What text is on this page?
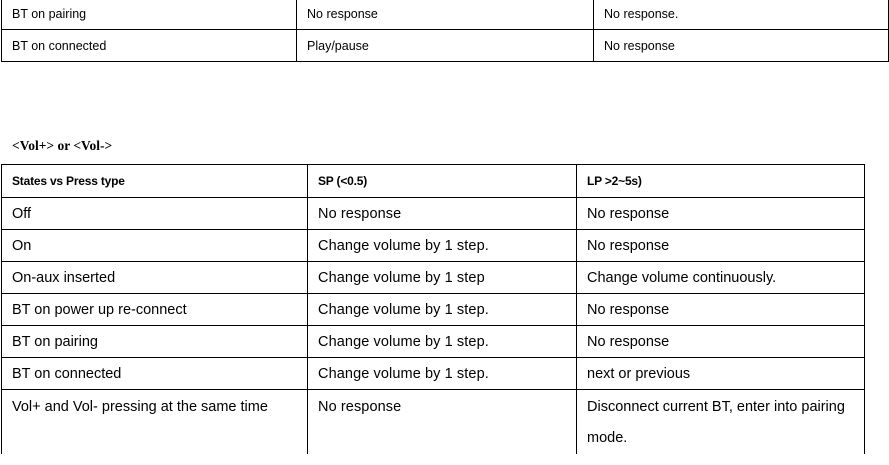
BT on pairing	No response	No response.
BT on connected	Play/pause	No response
<Vol+> or <Vol->
States vs Press type	SP (<0.5)	LP >2~5s)
Off	No response	No response
On	Change volume by 1 step.	No response
On-aux inserted	Change volume by 1 step	Change volume continuously.
BT on power up re-connect	Change volume by 1 step.	No response
BT on pairing	Change volume by 1 step.	No response
BT on connected	Change volume by 1 step.	next or previous
Vol+ and Vol- pressing at the same time	No response	Disconnect current BT, enter into pairing mode.
